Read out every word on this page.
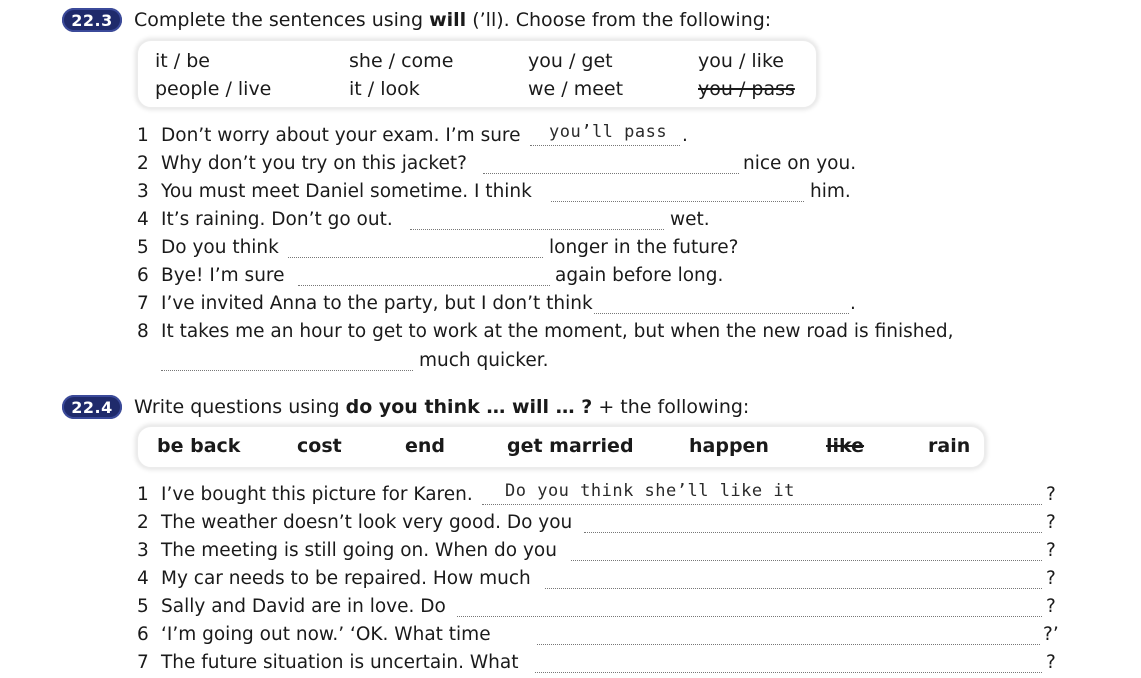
22.3	Complete the sentences using will (’ll). Choose from the following:
it / be	she / come	you / get	you / like
people / live	it / look	we / meet	you / pass
1 Don’t worry about your exam. I’m sure you’ll pass .
2 Why don’t you try on this jacket?	nice on you.
3 You must meet Daniel sometime. I think	him.
4 It’s raining. Don’t go out.	wet.
5 Do you think	longer in the future?
6 Bye! I’m sure	again before long.
7 I’ve invited Anna to the party, but I don’t think	.
8 It takes me an hour to get to work at the moment, but when the new road is finished,
much quicker.
22.4	Write questions using do you think … will … ? + the following:
be back	cost	end	get married	happen	like	rain
1 I’ve bought this picture for Karen. Do you think she’ll like it	?
2 The weather doesn’t look very good. Do you	?
3 The meeting is still going on. When do you	?
4 My car needs to be repaired. How much	?
5 Sally and David are in love. Do	?
6 ‘I’m going out now.’ ‘OK. What time	?’
7 The future situation is uncertain. What	?
